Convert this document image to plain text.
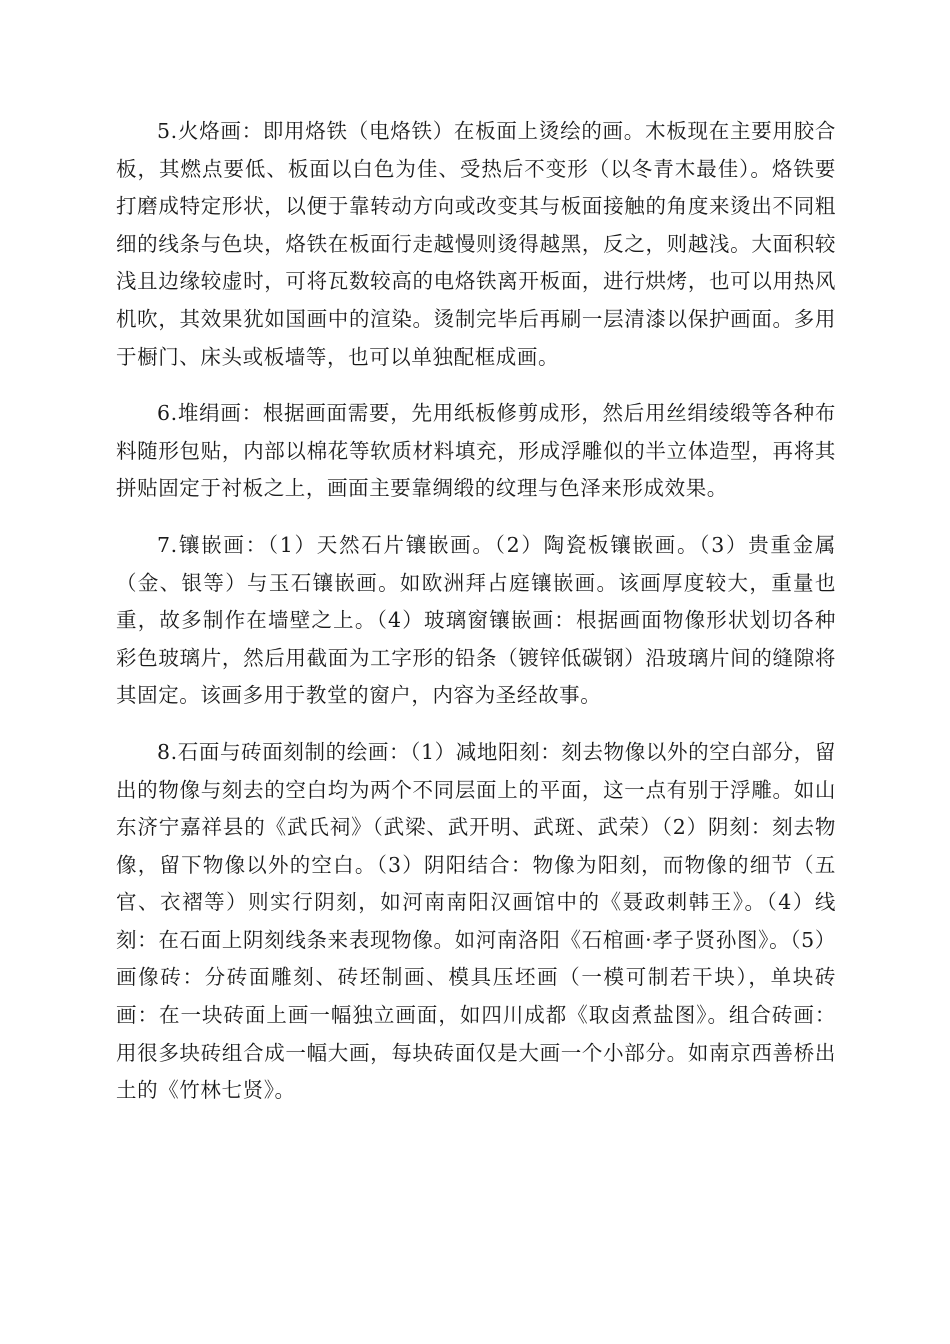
5.火烙画：即用烙铁（电烙铁）在板面上烫绘的画。木板现在主要用胶合板，其燃点要低、板面以白色为佳、受热后不变形（以冬青木最佳）。烙铁要打磨成特定形状，以便于靠转动方向或改变其与板面接触的角度来烫出不同粗细的线条与色块，烙铁在板面行走越慢则烫得越黑，反之，则越浅。大面积较浅且边缘较虚时，可将瓦数较高的电烙铁离开板面，进行烘烤，也可以用热风机吹，其效果犹如国画中的渲染。烫制完毕后再刷一层清漆以保护画面。多用于橱门、床头或板墙等，也可以单独配框成画。

6.堆绢画：根据画面需要，先用纸板修剪成形，然后用丝绢绫缎等各种布料随形包贴，内部以棉花等软质材料填充，形成浮雕似的半立体造型，再将其拼贴固定于衬板之上，画面主要靠绸缎的纹理与色泽来形成效果。

7.镶嵌画：（1）天然石片镶嵌画。（2）陶瓷板镶嵌画。（3）贵重金属（金、银等）与玉石镶嵌画。如欧洲拜占庭镶嵌画。该画厚度较大，重量也重，故多制作在墙壁之上。（4）玻璃窗镶嵌画：根据画面物像形状划切各种彩色玻璃片，然后用截面为工字形的铅条（镀锌低碳钢）沿玻璃片间的缝隙将其固定。该画多用于教堂的窗户，内容为圣经故事。

8.石面与砖面刻制的绘画：（1）减地阳刻：刻去物像以外的空白部分，留出的物像与刻去的空白均为两个不同层面上的平面，这一点有别于浮雕。如山东济宁嘉祥县的《武氏祠》（武梁、武开明、武斑、武荣）（2）阴刻：刻去物像，留下物像以外的空白。（3）阴阳结合：物像为阳刻，而物像的细节（五官、衣褶等）则实行阴刻，如河南南阳汉画馆中的《聂政刺韩王》。（4）线刻：在石面上阴刻线条来表现物像。如河南洛阳《石棺画·孝子贤孙图》。（5）画像砖：分砖面雕刻、砖坯制画、模具压坯画（一模可制若干块），单块砖画：在一块砖面上画一幅独立画面，如四川成都《取卤煮盐图》。组合砖画：用很多块砖组合成一幅大画，每块砖面仅是大画一个小部分。如南京西善桥出土的《竹林七贤》。
